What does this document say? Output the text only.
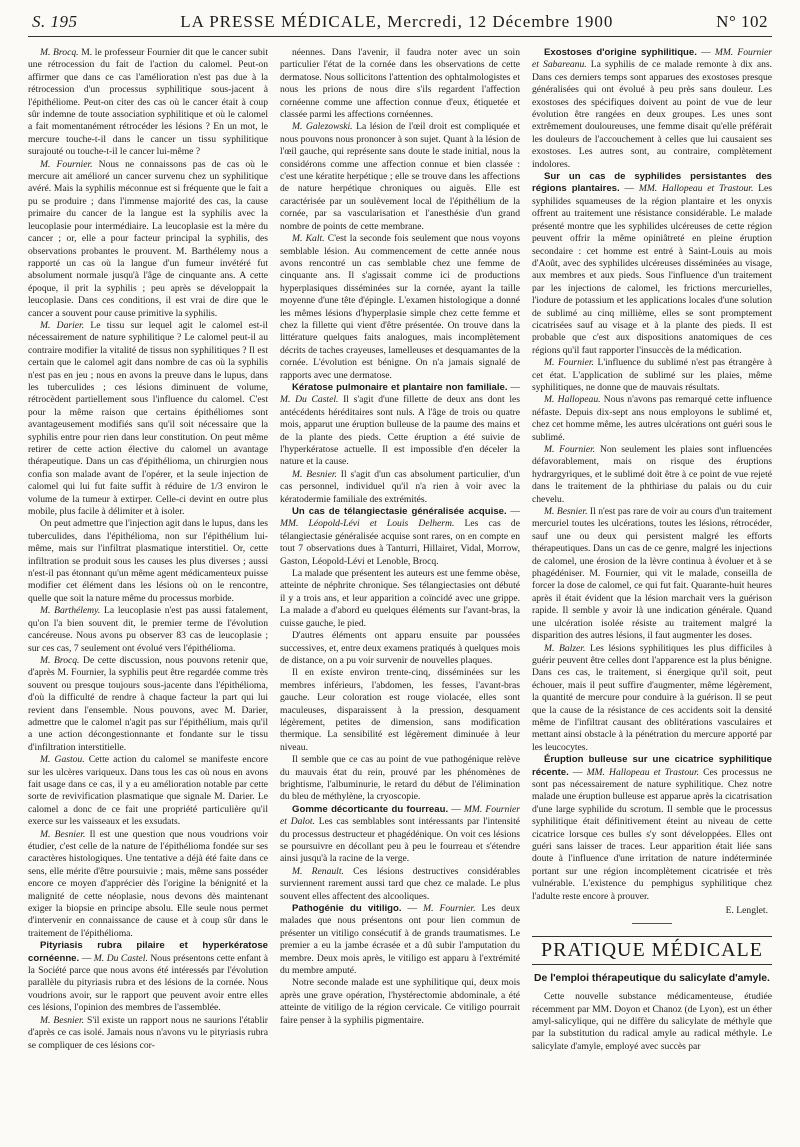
S. 195	LA PRESSE MÉDICALE, Mercredi, 12 Décembre 1900	N° 102

M. Brocq. M. le professeur Fournier dit que le cancer subit une rétrocession du fait de l'action du calomel. Peut-on affirmer que dans ce cas l'amélioration n'est pas due à la rétrocession d'un processus syphilitique sous-jacent à l'épithéliome. Peut-on citer des cas où le cancer était à coup sûr indemne de toute association syphilitique et où le calomel a fait momentanément rétrocéder les lésions ? En un mot, le mercure touche-t-il dans le cancer un tissu syphilitique surajouté ou touche-t-il le cancer lui-même ?

M. Fournier. Nous ne connaissons pas de cas où le mercure ait amélioré un cancer survenu chez un syphilitique avéré. Mais la syphilis méconnue est si fréquente que le fait a pu se produire ; dans l'immense majorité des cas, la cause primaire du cancer de la langue est la syphilis avec la leucoplasie pour intermédiaire. La leucoplasie est la mère du cancer ; or, elle a pour facteur principal la syphilis, des observations probantes le prouvent. M. Barthélemy nous a rapporté un cas où la langue d'un fumeur invétéré fut absolument normale jusqu'à l'âge de cinquante ans. A cette époque, il prit la syphilis ; peu après se développait la leucoplasie. Dans ces conditions, il est vrai de dire que le cancer a souvent pour cause primitive la syphilis.

M. Darier. Le tissu sur lequel agit le calomel est-il nécessairement de nature syphilitique ? Le calomel peut-il au contraire modifier la vitalité de tissus non syphilitiques ? Il est certain que le calomel agit dans nombre de cas où la syphilis n'est pas en jeu ; nous en avons la preuve dans le lupus, dans les tuberculides ; ces lésions diminuent de volume, rétrocèdent partiellement sous l'influence du calomel. C'est pour la même raison que certains épithéliomes sont avantageusement modifiés sans qu'il soit nécessaire que la syphilis entre pour rien dans leur constitution. On peut même retirer de cette action élective du calomel un avantage thérapeutique. Dans un cas d'épithélioma, un chirurgien nous confia son malade avant de l'opérer, et la seule injection de calomel qui lui fut faite suffit à réduire de 1/3 environ le volume de la tumeur à extirper. Celle-ci devint en outre plus mobile, plus facile à délimiter et à isoler.

On peut admettre que l'injection agit dans le lupus, dans les tuberculides, dans l'épithélioma, non sur l'épithélium lui-même, mais sur l'infiltrat plasmatique interstitiel. Or, cette infiltration se produit sous les causes les plus diverses ; aussi n'est-il pas étonnant qu'un même agent médicamenteux puisse modifier cet élément dans les lésions où on le rencontre, quelle que soit la nature même du processus morbide.

M. Barthélemy. La leucoplasie n'est pas aussi fatalement, qu'on l'a bien souvent dit, le premier terme de l'évolution cancéreuse. Nous avons pu observer 83 cas de leucoplasie ; sur ces cas, 7 seulement ont évolué vers l'épithélioma.

M. Brocq. De cette discussion, nous pouvons retenir que, d'après M. Fournier, la syphilis peut être regardée comme très souvent ou presque toujours sous-jacente dans l'épithélioma, d'où la difficulté de rendre à chaque facteur la part qui lui revient dans l'ensemble. Nous pouvons, avec M. Darier, admettre que le calomel n'agit pas sur l'épithélium, mais qu'il a une action décongestionnante et fondante sur le tissu d'infiltration interstitielle.

M. Gastou. Cette action du calomel se manifeste encore sur les ulcères variqueux. Dans tous les cas où nous en avons fait usage dans ce cas, il y a eu amélioration notable par cette sorte de revivification plasmatique que signale M. Darier. Le calomel a donc de ce fait une propriété particulière qu'il exerce sur les vaisseaux et les exsudats.

M. Besnier. Il est une question que nous voudrions voir étudier, c'est celle de la nature de l'épithélioma fondée sur ses caractères histologiques. Une tentative a déjà été faite dans ce sens, elle mérite d'être poursuivie ; mais, même sans posséder encore ce moyen d'apprécier dès l'origine la bénignité et la malignité de cette néoplasie, nous devons dès maintenant exiger la biopsie en principe absolu. Elle seule nous permet d'intervenir en connaissance de cause et à coup sûr dans le traitement de l'épithélioma.

Pityriasis rubra pilaire et hyperkératose cornéenne. — M. Du Castel. Nous présentons cette enfant à la Société parce que nous avons été intéressés par l'évolution parallèle du pityriasis rubra et des lésions de la cornée. Nous voudrions avoir, sur le rapport que peuvent avoir entre elles ces lésions, l'opinion des membres de l'assemblée.

M. Besnier. S'il existe un rapport nous ne saurions l'établir d'après ce cas isolé. Jamais nous n'avons vu le pityriasis rubra se compliquer de ces lésions cor-

néennes. Dans l'avenir, il faudra noter avec un soin particulier l'état de la cornée dans les observations de cette dermatose. Nous sollicitons l'attention des ophtalmologistes et nous les prions de nous dire s'ils regardent l'affection cornéenne comme une affection connue d'eux, étiquetée et classée parmi les affections cornéennes.

M. Galezowski. La lésion de l'œil droit est compliquée et nous pouvons nous prononcer à son sujet. Quant à la lésion de l'œil gauche, qui représente sans doute le stade initial, nous la considérons comme une affection connue et bien classée : c'est une kératite herpétique ; elle se trouve dans les affections de nature herpétique chroniques ou aiguës. Elle est caractérisée par un soulèvement local de l'épithélium de la cornée, par sa vascularisation et l'anesthésie d'un grand nombre de points de cette membrane.

M. Kalt. C'est la seconde fois seulement que nous voyons semblable lésion. Au commencement de cette année nous avons rencontré un cas semblable chez une femme de cinquante ans. Il s'agissait comme ici de productions hyperplasiques disséminées sur la cornée, ayant la taille moyenne d'une tête d'épingle. L'examen histologique a donné les mêmes lésions d'hyperplasie simple chez cette femme et chez la fillette qui vient d'être présentée. On trouve dans la littérature quelques faits analogues, mais incomplètement décrits de taches crayeuses, lamelleuses et desquamantes de la cornée. L'évolution est bénigne. On n'a jamais signalé de rapports avec une dermatose.

Kératose pulmonaire et plantaire non familiale. — M. Du Castel. Il s'agit d'une fillette de deux ans dont les antécédents héréditaires sont nuls. A l'âge de trois ou quatre mois, apparut une éruption bulleuse de la paume des mains et de la plante des pieds. Cette éruption a été suivie de l'hyperkératose actuelle. Il est impossible d'en déceler la nature et la cause.

M. Besnier. Il s'agit d'un cas absolument particulier, d'un cas personnel, individuel qu'il n'a rien à voir avec la kératodermie familiale des extrémités.

Un cas de télangiectasie généralisée acquise. — MM. Léopold-Lévi et Louis Delherm. Les cas de télangiectasie généralisée acquise sont rares, on en compte en tout 7 observations dues à Tanturri, Hillairet, Vidal, Morrow, Gaston, Léopold-Lévi et Lenoble, Brocq.

La malade que présentent les auteurs est une femme obèse, atteinte de néphrite chronique. Ses télangiectasies ont débuté il y a trois ans, et leur apparition a coïncidé avec une grippe. La malade a d'abord eu quelques éléments sur l'avant-bras, la cuisse gauche, le pied.

D'autres éléments ont apparu ensuite par poussées successives, et, entre deux examens pratiqués à quelques mois de distance, on a pu voir survenir de nouvelles plaques.

Il en existe environ trente-cinq, disséminées sur les membres inférieurs, l'abdomen, les fesses, l'avant-bras gauche. Leur coloration est rouge violacée, elles sont maculeuses, disparaissent à la pression, desquament légèrement, petites de dimension, sans modification thermique. La sensibilité est légèrement diminuée à leur niveau.

Il semble que ce cas au point de vue pathogénique relève du mauvais état du rein, prouvé par les phénomènes de brightisme, l'albuminurie, le retard du début de l'élimination du bleu de méthylène, la cryoscopie.

Gomme décorticante du fourreau. — MM. Fournier et Dalot. Les cas semblables sont intéressants par l'intensité du processus destructeur et phagédénique. On voit ces lésions se poursuivre en décollant peu à peu le fourreau et s'étendre ainsi jusqu'à la racine de la verge.

M. Renault. Ces lésions destructives considérables surviennent rarement aussi tard que chez ce malade. Le plus souvent elles affectent des alcooliques.

Pathogénie du vitiligo. — M. Fournier. Les deux malades que nous présentons ont pour lien commun de présenter un vitiligo consécutif à de grands traumatismes. Le premier a eu la jambe écrasée et a dû subir l'amputation du membre. Deux mois après, le vitiligo est apparu à l'extrémité du membre amputé.

Notre seconde malade est une syphilitique qui, deux mois après une grave opération, l'hystérectomie abdominale, a été atteinte de vitiligo de la région cervicale. Ce vitiligo pourrait faire penser à la syphilis pigmentaire.

Exostoses d'origine syphilitique. — MM. Fournier et Sabareanu. La syphilis de ce malade remonte à dix ans. Dans ces derniers temps sont apparues des exostoses presque généralisées qui ont évolué à peu près sans douleur. Les exostoses des spécifiques doivent au point de vue de leur évolution être rangées en deux groupes. Les unes sont extrêmement douloureuses, une femme disait qu'elle préférait les douleurs de l'accouchement à celles que lui causaient ses exostoses. Les autres sont, au contraire, complètement indolores.

Sur un cas de syphilides persistantes des régions plantaires. — MM. Hallopeau et Trastour. Les syphilides squameuses de la région plantaire et les onyxis offrent au traitement une résistance considérable. Le malade présenté montre que les syphilides ulcéreuses de cette région peuvent offrir la même opiniâtreté en pleine éruption secondaire : cet homme est entré à Saint-Louis au mois d'Août, avec des syphilides ulcéreuses disséminées au visage, aux membres et aux pieds. Sous l'influence d'un traitement par les injections de calomel, les frictions mercurielles, l'iodure de potassium et les applications locales d'une solution de sublimé au cinq millième, elles se sont promptement cicatrisées sauf au visage et à la plante des pieds. Il est probable que c'est aux dispositions anatomiques de ces régions qu'il faut rapporter l'insuccès de la médication.

M. Fournier. L'influence du sublimé n'est pas étrangère à cet état. L'application de sublimé sur les plaies, même syphilitiques, ne donne que de mauvais résultats.

M. Hallopeau. Nous n'avons pas remarqué cette influence néfaste. Depuis dix-sept ans nous employons le sublimé et, chez cet homme même, les autres ulcérations ont guéri sous le sublimé.

M. Fournier. Non seulement les plaies sont influencées défavorablement, mais on risque des éruptions hydrargyriques, et le sublimé doit être à ce point de vue rejeté dans le traitement de la phthiriase du palais ou du cuir chevelu.

M. Besnier. Il n'est pas rare de voir au cours d'un traitement mercuriel toutes les ulcérations, toutes les lésions, rétrocéder, sauf une ou deux qui persistent malgré les efforts thérapeutiques. Dans un cas de ce genre, malgré les injections de calomel, une érosion de la lèvre continua à évoluer et à se phagédéniser. M. Fournier, qui vit le malade, conseilla de forcer la dose de calomel, ce qui fut fait. Quarante-huit heures après il était évident que la lésion marchait vers la guérison rapide. Il semble y avoir là une indication générale. Quand une ulcération isolée résiste au traitement malgré la disparition des autres lésions, il faut augmenter les doses.

M. Balzer. Les lésions syphilitiques les plus difficiles à guérir peuvent être celles dont l'apparence est la plus bénigne. Dans ces cas, le traitement, si énergique qu'il soit, peut échouer, mais il peut suffire d'augmenter, même légèrement, la quantité de mercure pour conduire à la guérison. Il se peut que la cause de la résistance de ces accidents soit la densité même de l'infiltrat causant des oblitérations vasculaires et mettant ainsi obstacle à la pénétration du mercure apporté par les leucocytes.

Éruption bulleuse sur une cicatrice syphilitique récente. — MM. Hallopeau et Trastour. Ces processus ne sont pas nécessairement de nature syphilitique. Chez notre malade une éruption bulleuse est apparue après la cicatrisation d'une large syphilide du scrotum. Il semble que le processus syphilitique était définitivement éteint au niveau de cette cicatrice lorsque ces bulles s'y sont développées. Elles ont guéri sans laisser de traces. Leur apparition était liée sans doute à l'influence d'une irritation de nature indéterminée portant sur une région incomplètement cicatrisée et très vulnérable. L'existence du pemphigus syphilitique chez l'adulte reste encore à prouver.

E. Lenglet.
PRATIQUE MÉDICALE
De l'emploi thérapeutique du salicylate d'amyle.

Cette nouvelle substance médicamenteuse, étudiée récemment par MM. Doyon et Chanoz (de Lyon), est un éther amyl-salicylique, qui ne diffère du salicylate de méthyle que par la substitution du radical amyle au radical méthyle. Le salicylate d'amyle, employé avec succès par
